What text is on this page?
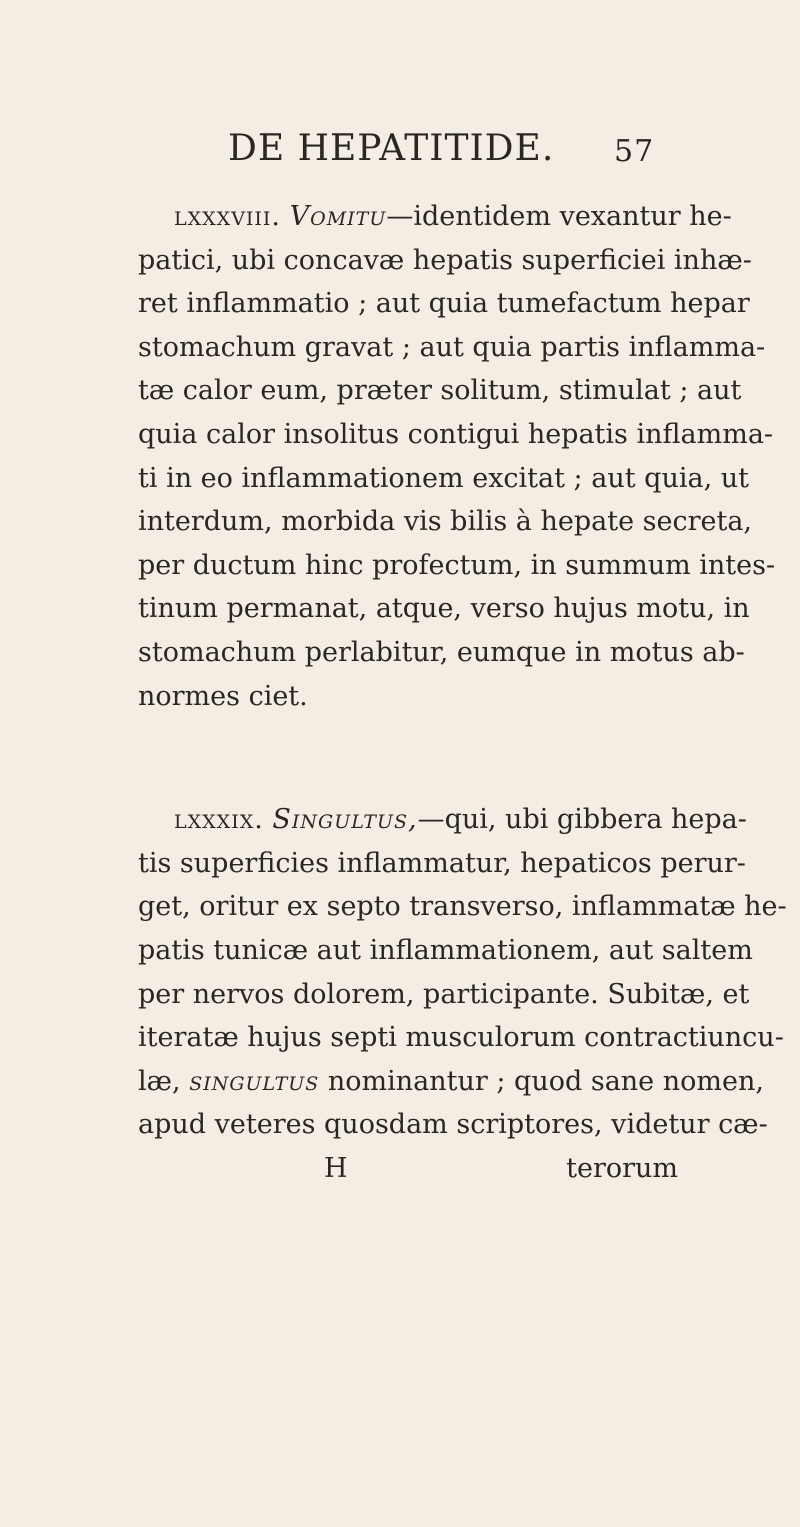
DE HEPATITIDE. 57
lxxxviii. Vomitu—identidem vexantur he-
patici, ubi concavæ hepatis superficiei inhæ-
ret inflammatio ; aut quia tumefactum hepar
stomachum gravat ; aut quia partis inflamma-
tæ calor eum, præter solitum, stimulat ; aut
quia calor insolitus contigui hepatis inflamma-
ti in eo inflammationem excitat ; aut quia, ut
interdum, morbida vis bilis à hepate secreta,
per ductum hinc profectum, in summum intes-
tinum permanat, atque, verso hujus motu, in
stomachum perlabitur, eumque in motus ab-
normes ciet.
lxxxix. Singultus,—qui, ubi gibbera hepa-
tis superficies inflammatur, hepaticos perur-
get, oritur ex septo transverso, inflammatæ he-
patis tunicæ aut inflammationem, aut saltem
per nervos dolorem, participante. Subitæ, et
iteratæ hujus septi musculorum contractiuncu-
læ, singultus nominantur ; quod sane nomen,
apud veteres quosdam scriptores, videtur cæ-
H	terorum
